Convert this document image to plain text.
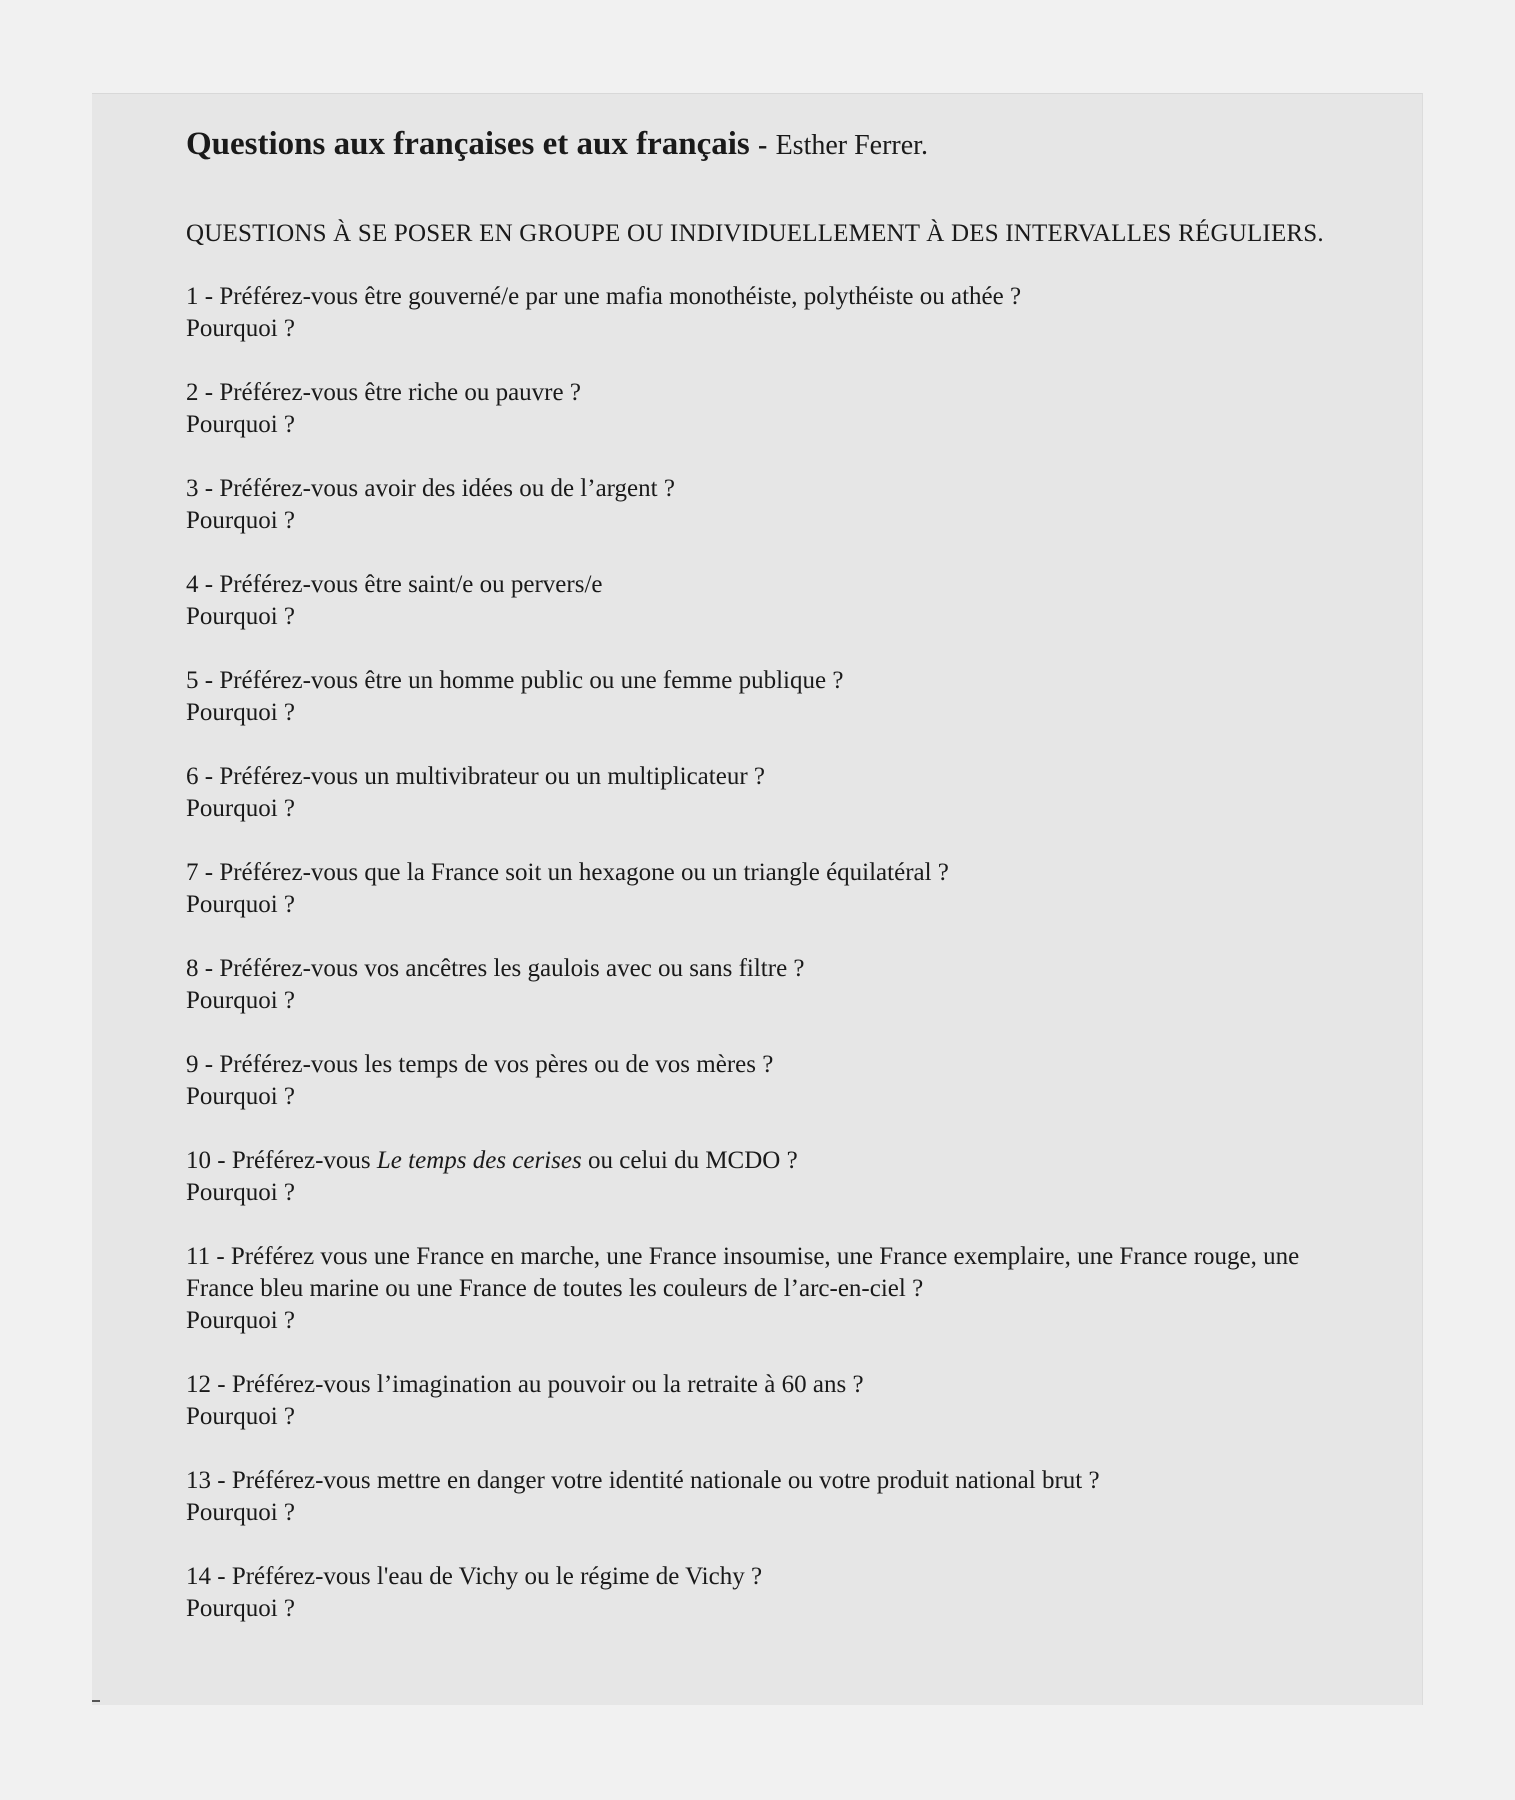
Questions aux françaises et aux français - Esther Ferrer.

QUESTIONS À SE POSER EN GROUPE OU INDIVIDUELLEMENT À DES INTERVALLES RÉGULIERS.

1 - Préférez-vous être gouverné/e par une mafia monothéiste, polythéiste ou athée ?
Pourquoi ?
2 - Préférez-vous être riche ou pauvre ?
Pourquoi ?
3 - Préférez-vous avoir des idées ou de l’argent ?
Pourquoi ?
4 - Préférez-vous être saint/e ou pervers/e
Pourquoi ?
5 - Préférez-vous être un homme public ou une femme publique ?
Pourquoi ?
6 - Préférez-vous un multivibrateur ou un multiplicateur ?
Pourquoi ?
7 - Préférez-vous que la France soit un hexagone ou un triangle équilatéral ?
Pourquoi ?
8 - Préférez-vous vos ancêtres les gaulois avec ou sans filtre ?
Pourquoi ?
9 - Préférez-vous les temps de vos pères ou de vos mères ?
Pourquoi ?
10 - Préférez-vous Le temps des cerises ou celui du MCDO ?
Pourquoi ?
11 - Préférez vous une France en marche, une France insoumise, une France exemplaire, une France rouge, une France bleu marine ou une France de toutes les couleurs de l’arc-en-ciel ?
Pourquoi ?
12 - Préférez-vous l’imagination au pouvoir ou la retraite à 60 ans ?
Pourquoi ?
13 - Préférez-vous mettre en danger votre identité nationale ou votre produit national brut ?
Pourquoi ?
14 - Préférez-vous l'eau de Vichy ou le régime de Vichy ?
Pourquoi ?
